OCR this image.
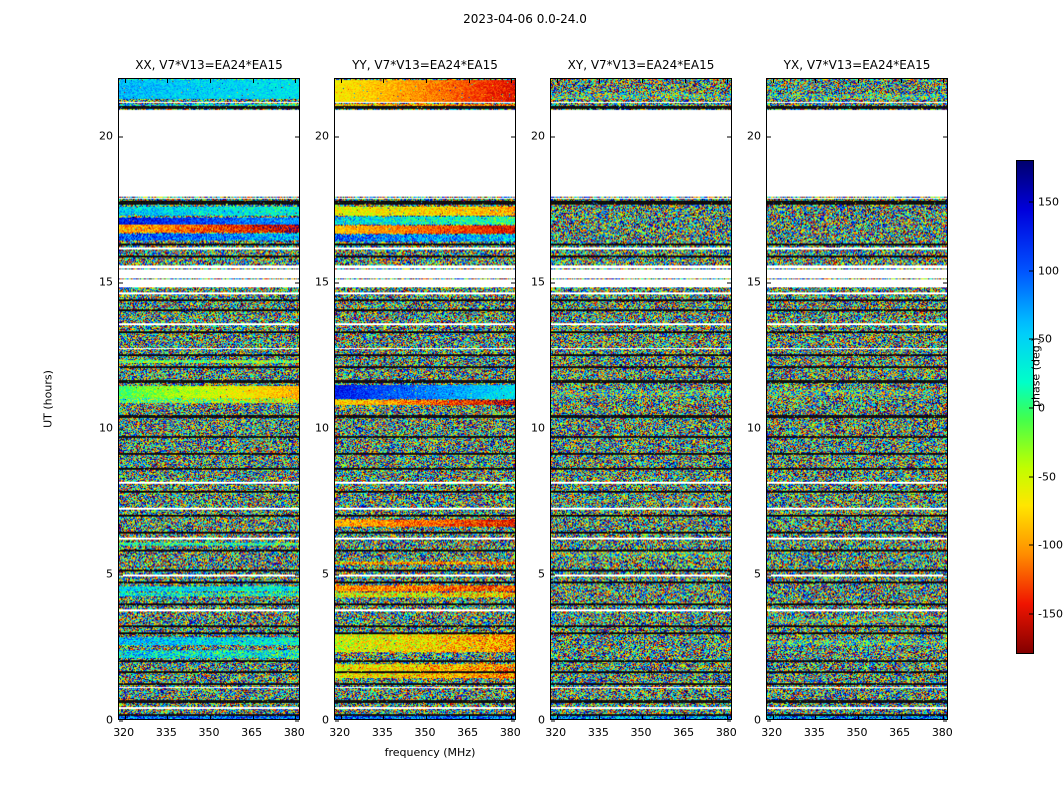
2023-04-06 0.0-24.0
XX, V7*V13=EA24*EA15
0
5
10
15
20
320 335 350 365 380
YY, V7*V13=EA24*EA15
0
5
10
15
20
320 335 350 365 380
XY, V7*V13=EA24*EA15
0
5
10
15
20
320 335 350 365 380
YX, V7*V13=EA24*EA15
0
5
10
15
20
320 335 350 365 380
UT (hours)
frequency (MHz)
150
100
50
0
-50
-100
-150
phase (deg.)
